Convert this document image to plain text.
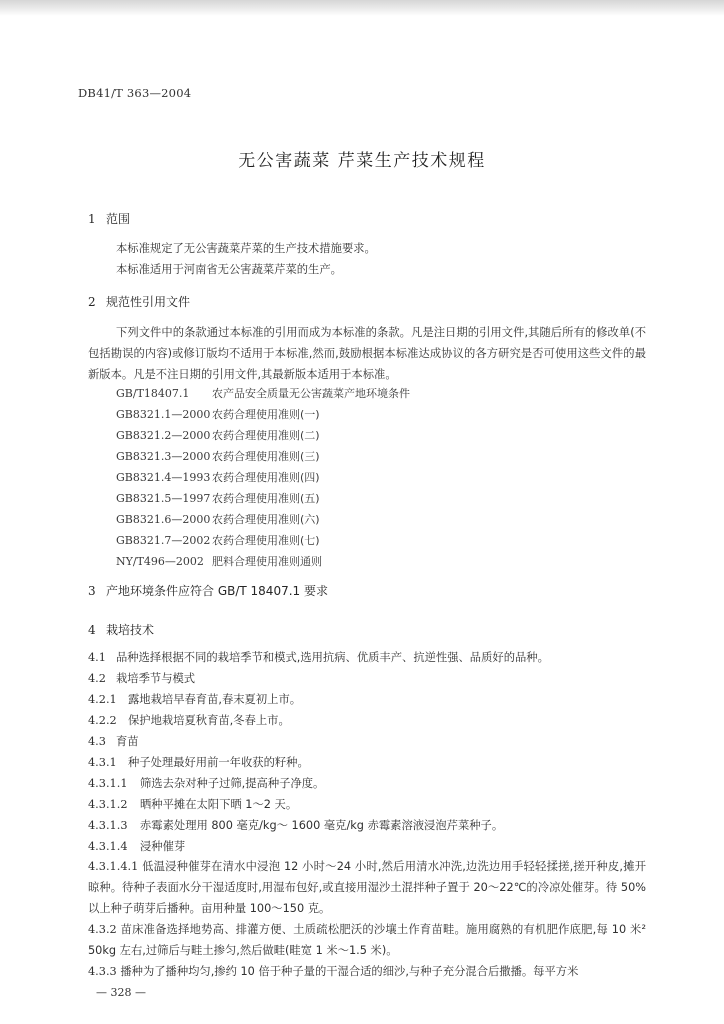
DB41/T 363—2004
无公害蔬菜 芹菜生产技术规程
1 范围
本标准规定了无公害蔬菜芹菜的生产技术措施要求。
本标准适用于河南省无公害蔬菜芹菜的生产。
2 规范性引用文件
下列文件中的条款通过本标准的引用而成为本标准的条款。凡是注日期的引用文件,其随后所有的修改单(不包括勘误的内容)或修订版均不适用于本标准,然而,鼓励根据本标准达成协议的各方研究是否可使用这些文件的最新版本。凡是不注日期的引用文件,其最新版本适用于本标准。
GB/T18407.1 农产品安全质量无公害蔬菜产地环境条件
GB8321.1—2000 农药合理使用准则(一)
GB8321.2—2000 农药合理使用准则(二)
GB8321.3—2000 农药合理使用准则(三)
GB8321.4—1993 农药合理使用准则(四)
GB8321.5—1997 农药合理使用准则(五)
GB8321.6—2000 农药合理使用准则(六)
GB8321.7—2002 农药合理使用准则(七)
NY/T496—2002 肥料合理使用准则通则
3 产地环境条件应符合 GB/T 18407.1 要求
4 栽培技术
4.1 品种选择根据不同的栽培季节和模式,选用抗病、优质丰产、抗逆性强、品质好的品种。
4.2 栽培季节与模式
4.2.1 露地栽培早春育苗,春末夏初上市。
4.2.2 保护地栽培夏秋育苗,冬春上市。
4.3 育苗
4.3.1 种子处理最好用前一年收获的籽种。
4.3.1.1 筛选去杂对种子过筛,提高种子净度。
4.3.1.2 晒种平摊在太阳下晒 1～2 天。
4.3.1.3 赤霉素处理用 800 毫克/kg～ 1600 毫克/kg 赤霉素溶液浸泡芹菜种子。
4.3.1.4 浸种催芽
4.3.1.4.1 低温浸种催芽在清水中浸泡 12 小时～24 小时,然后用清水冲洗,边洗边用手轻轻揉搓,搓开种皮,摊开晾种。待种子表面水分干湿适度时,用湿布包好,或直接用湿沙土混拌种子置于 20～22℃的冷凉处催芽。待 50%以上种子萌芽后播种。亩用种量 100～150 克。
— 328 —
4.3.2 苗床准备选择地势高、排灌方便、土质疏松肥沃的沙壤土作育苗畦。施用腐熟的有机肥作底肥,每 10 米² 50kg 左右,过筛后与畦土掺匀,然后做畦(畦宽 1 米～1.5 米)。
4.3.3 播种为了播种均匀,掺约 10 倍于种子量的干湿合适的细沙,与种子充分混合后撒播。每平方米
